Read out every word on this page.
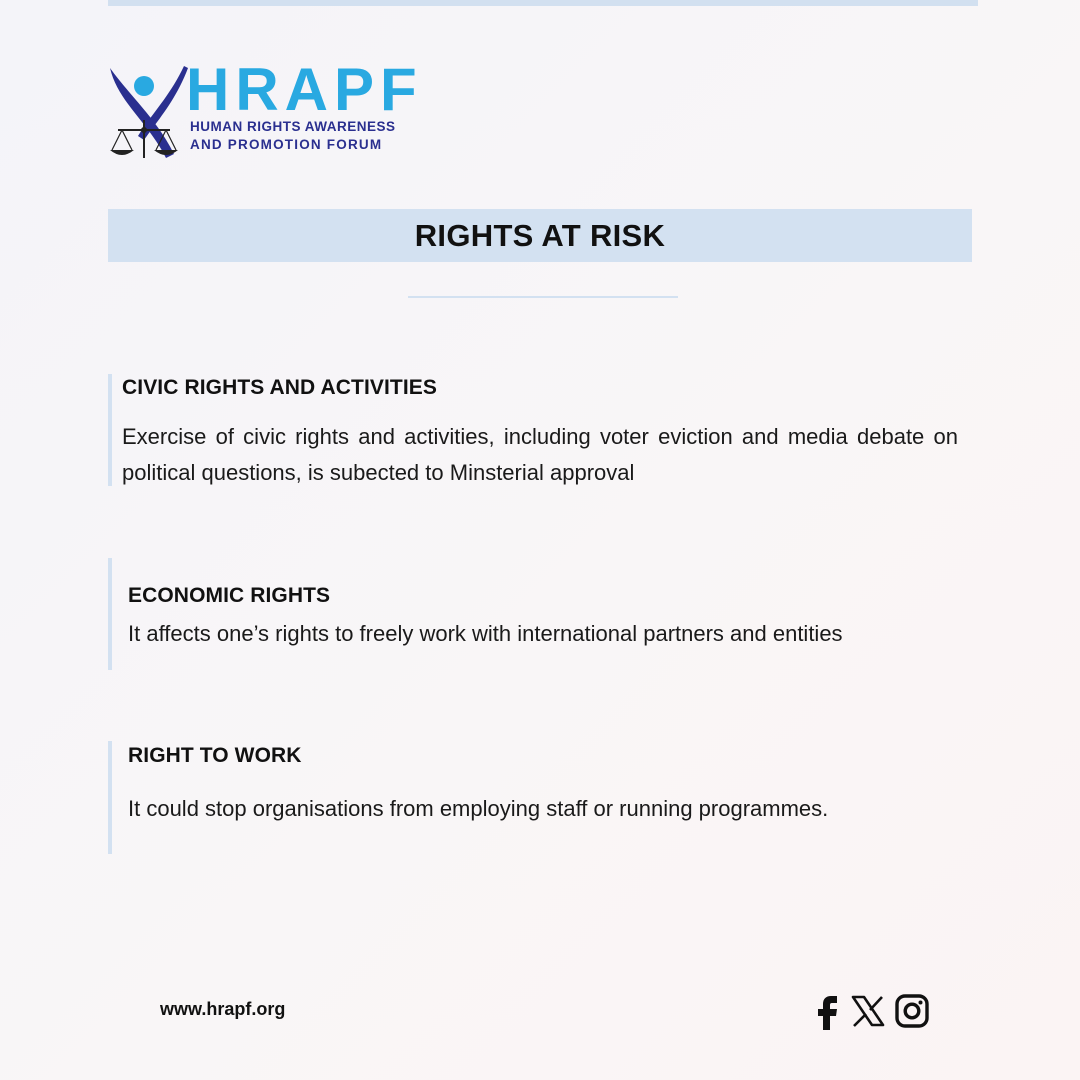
HRAPF
HUMAN RIGHTS AWARENESS
AND PROMOTION FORUM
RIGHTS AT RISK
CIVIC RIGHTS AND ACTIVITIES
Exercise of civic rights and activities, including voter eviction and media debate on political questions, is subected to Minsterial approval
ECONOMIC RIGHTS
It affects one’s rights to freely work with international partners and entities
RIGHT TO WORK
It could stop organisations from employing staff or running programmes.
www.hrapf.org
